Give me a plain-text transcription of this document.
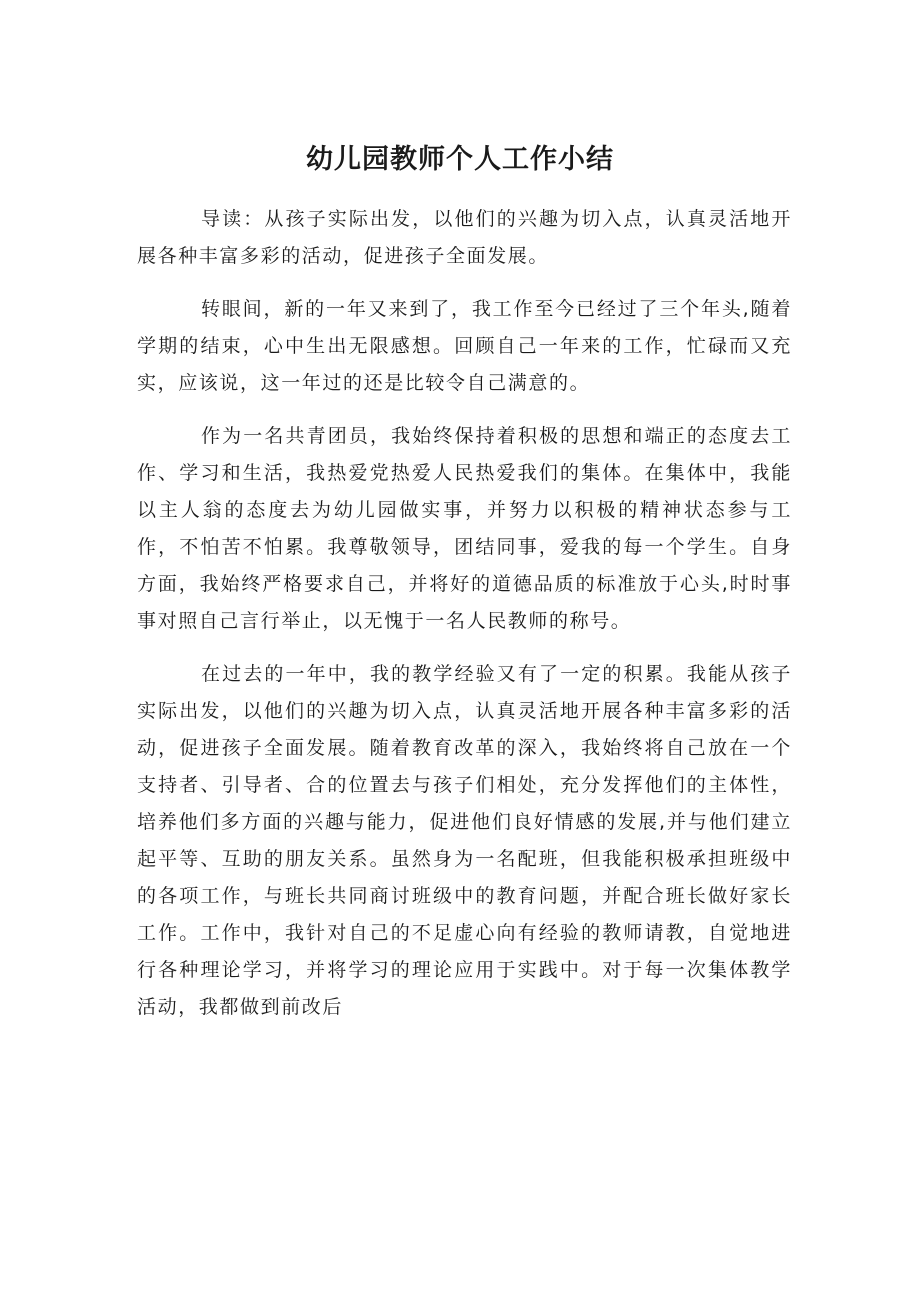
幼儿园教师个人工作小结

导读：从孩子实际出发，以他们的兴趣为切入点，认真灵活地开展各种丰富多彩的活动，促进孩子全面发展。

转眼间，新的一年又来到了，我工作至今已经过了三个年头,随着学期的结束，心中生出无限感想。回顾自己一年来的工作，忙碌而又充实，应该说，这一年过的还是比较令自己满意的。

作为一名共青团员，我始终保持着积极的思想和端正的态度去工作、学习和生活，我热爱党热爱人民热爱我们的集体。在集体中，我能以主人翁的态度去为幼儿园做实事，并努力以积极的精神状态参与工作，不怕苦不怕累。我尊敬领导，团结同事，爱我的每一个学生。自身方面，我始终严格要求自己，并将好的道德品质的标准放于心头,时时事事对照自己言行举止，以无愧于一名人民教师的称号。

在过去的一年中，我的教学经验又有了一定的积累。我能从孩子实际出发，以他们的兴趣为切入点，认真灵活地开展各种丰富多彩的活动，促进孩子全面发展。随着教育改革的深入，我始终将自己放在一个支持者、引导者、合的位置去与孩子们相处，充分发挥他们的主体性，培养他们多方面的兴趣与能力，促进他们良好情感的发展,并与他们建立起平等、互助的朋友关系。虽然身为一名配班，但我能积极承担班级中的各项工作，与班长共同商讨班级中的教育问题，并配合班长做好家长工作。工作中，我针对自己的不足虚心向有经验的教师请教，自觉地进行各种理论学习，并将学习的理论应用于实践中。对于每一次集体教学活动，我都做到前改后
